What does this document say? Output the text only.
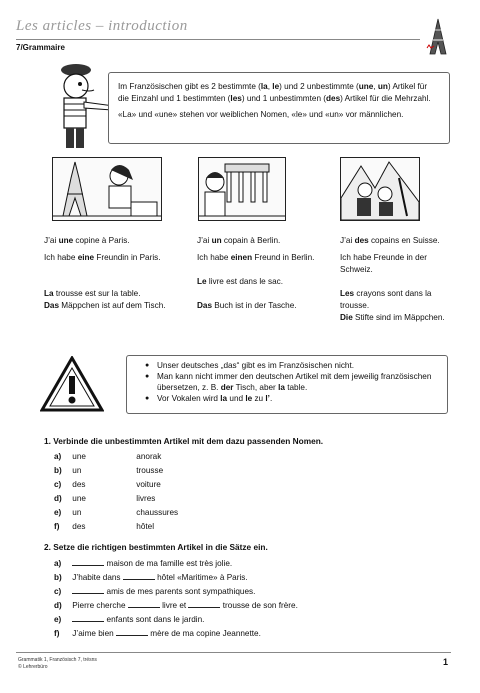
Les articles – introduction
7/Grammaire

Im Französischen gibt es 2 bestimmte (la, le) und 2 unbestimmte (une, un) Artikel für die Einzahl und 1 bestimmten (les) und 1 unbestimmten (des) Artikel für die Mehrzahl.

«La» und «une» stehen vor weiblichen Nomen, «le» und «un» vor männlichen.

J’ai une copine à Paris.

Ich habe eine Freundin in Paris.

La trousse est sur la table.

Das Mäppchen ist auf dem Tisch.

J’ai un copain à Berlin.

Ich habe einen Freund in Berlin.

Le livre est dans le sac.

Das Buch ist in der Tasche.

J’ai des copains en Suisse.

Ich habe Freunde in der Schweiz.

Les crayons sont dans la trousse.

Die Stifte sind im Mäppchen.

● Unser deutsches „das“ gibt es im Französischen nicht.
● Man kann nicht immer den deutschen Artikel mit dem jeweilig französischen übersetzen, z. B. der Tisch, aber la table.
● Vor Vokalen wird la und le zu l’.
1. Verbinde die unbestimmten Artikel mit dem dazu passenden Nomen.
a) une	anorak
b) un	trousse
c) des	voiture
d) une	livres
e) un	chaussures
f) des	hôtel
2. Setze die richtigen bestimmten Artikel in die Sätze ein.
a)	maison de ma famille est très jolie.
b) J’habite dans	hôtel «Maritime» à Paris.
c)	amis de mes parents sont sympathiques.
d) Pierre cherche	livre et	trousse de son frère.
e)	enfants sont dans le jardin.
f) J’aime bien	mère de ma copine Jeannette.
Grammatik 1, Französisch 7, trésns
© Lehrerbüro	1
